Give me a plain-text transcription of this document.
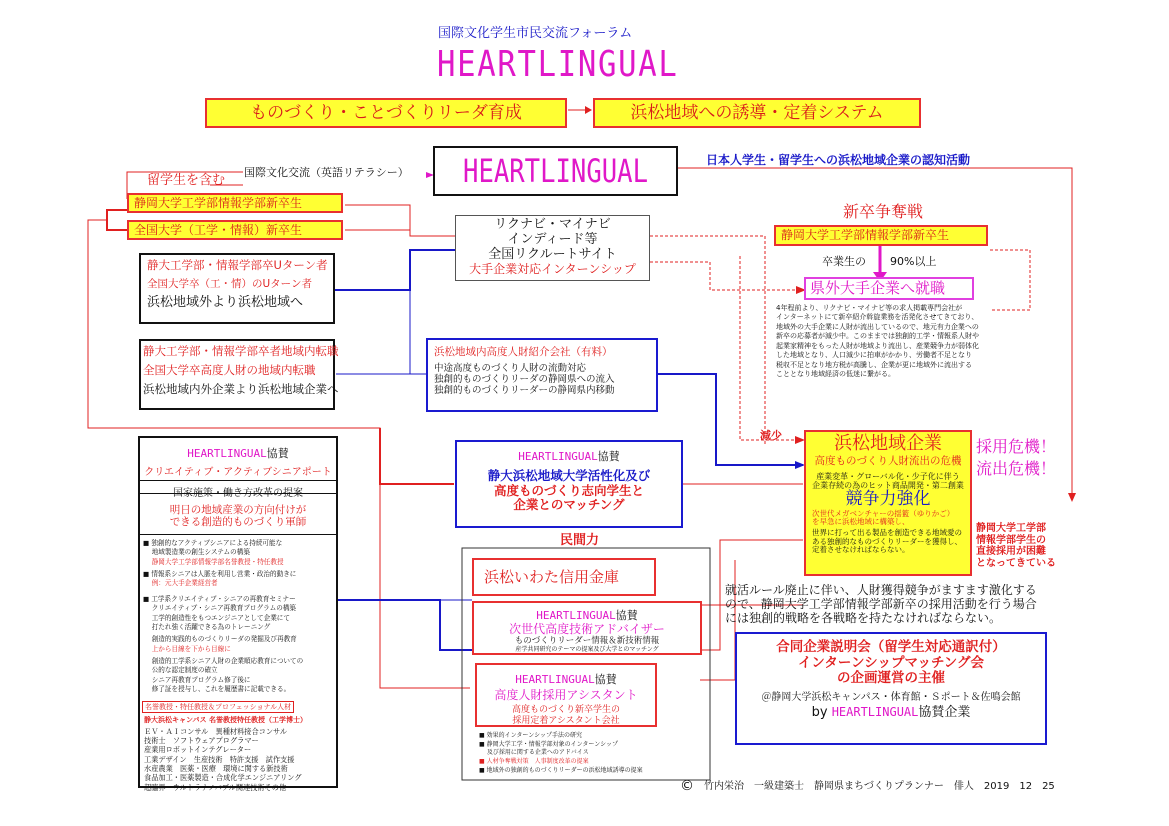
国際文化学生市民交流フォーラム
HEARTLINGUAL
ものづくり・ことづくりリーダ育成	浜松地域への誘導・定着システム
留学生を含む
国際文化交流（英語リテラシー） HEARTLINGUAL	日本人学生・留学生への浜松地域企業の認知活動
静岡大学工学部情報学部新卒生
全国大学（工学・情報）新卒生	リクナビ・マイナビ
インディード等
全国リクルートサイト
大手企業対応インターンシップ
静大工学部・情報学部卒Uターン者
全国大学卒（工・情）のUターン者
浜松地域外より浜松地域へ
静大工学部・情報学部卒者地域内転職
全国大学卒高度人財の地域内転職
浜松地域内外企業より浜松地域企業へ
浜松地域内高度人財紹介会社（有料）
中途高度ものづくり人財の流動対応
独創的ものづくりリーダの静岡県への流入
独創的ものづくりリーダーの静岡県内移動
新卒争奪戦
静岡大学工学部情報学部新卒生
卒業生の 90%以上
県外大手企業へ就職
4年程前より、リクナビ・マイナビ等の求人掲載専門会社が
インターネットにて新卒紹介斡旋業務を活発化させてきており、
地域外の大手企業に人財が流出しているので、地元有力企業への
新卒の応募者が減少中。このままでは独創的工学・情報系人財や
起業家精神をもった人財が地域より流出し、産業競争力が弱体化
した地域となり、人口減少に拍車がかかり、労働者不足となり
税収不足となり地方税が高騰し、企業が更に地域外に流出する
こととなり地域経済の低迷に繋がる。
減少	浜松地域企業
高度ものづくり人財流出の危機
産業変革・グローバル化・少子化に伴う
企業存続の為のヒット商品開発・第二創業
競争力強化
次世代メガベンチャーの揺籃（ゆりかご）
を早急に浜松地域に構築し、
世界に打って出る製品を創造できる地域愛の
ある独創的なものづくりリーダーを獲得し、
定着させなければならない。
採用危機！
流出危機！
静岡大学工学部
情報学部学生の
直接採用が困難
となってきている
HEARTLINGUAL協賛
クリエイティブ・アクティブシニアポート
国家施策・働き方改革の提案
明日の地域産業の方向付けが
できる創造的ものづくり軍師
■ 独創的なアクティブシニアによる持続可能な
　 地域製造業の創生システムの構築
　 静岡大学工学部情報学部名誉教授・特任教授
■ 情報系シニアは人脈を利用し営業・政治的動きに
　 例：元大手企業経営者
■ 工学系クリエイティブ・シニアの再教育セミナー
　 クリエイティブ・シニア再教育プログラムの構築
　 工学的創造性をもつエンジニアとして企業にて
　 打たれ強く活躍できる為のトレーニング
　 創造的実践的ものづくりリーダの発掘及び再教育
　 上から目線を下から目線に
　 創造的工学系シニア人財の企業順応教育についての
　 公的な認定制度の確立
　 シニア再教育プログラム修了後に
　 修了証を授与し、これを履歴書に記載できる。
名誉教授・特任教授＆プロフェッショナル人材
静大浜松キャンパス 名誉教授特任教授（工学博士）
ＥＶ・ＡＩコンサル　異種材料接合コンサル
技術士　ソフトウェアプログラマー
産業用ロボットインテグレーター
工業デザイン　生産技術　特許支援　試作支援
水産農業　医薬・医療　環境に関する新技術
食品加工・医薬製造・合成化学エンジニアリング
超臨界・ウルトラナノバブル関連技術その他
HEARTLINGUAL協賛
静大浜松地域大学活性化及び
高度ものづくり志向学生と
企業とのマッチング
民間力
浜松いわた信用金庫
HEARTLINGUAL協賛
次世代高度技術アドバイザー
ものづくりリーダー情報＆新技術情報
産学共同研究のテーマの提案及び大学とのマッチング
HEARTLINGUAL協賛
高度人財採用アシスタント
高度ものづくり新卒学生の
採用定着アシスタント会社
■ 効果的インターンシップ手法の研究
■ 静岡大学工学・情報学部対象のインターンシップ
　 及び採用に関する企業へのアドバイス
■ 人材争奪戦対策　人事制度改革の提案
■ 地域外の独創的ものづくりリーダーの浜松地域誘導の提案
就活ルール廃止に伴い、人財獲得競争がますます激化する
ので、静岡大学工学部情報学部新卒の採用活動を行う場合
には独創的戦略を各戦略を持たなければならない。
合同企業説明会（留学生対応通訳付）
インターンシップマッチング会
の企画運営の主催
＠静岡大学浜松キャンパス・体育館・Ｓポート＆佐鳴会館
by HEARTLINGUAL協賛企業
© 竹内栄治　一級建築士　静岡県まちづくりプランナー　俳人　2019　12　25
